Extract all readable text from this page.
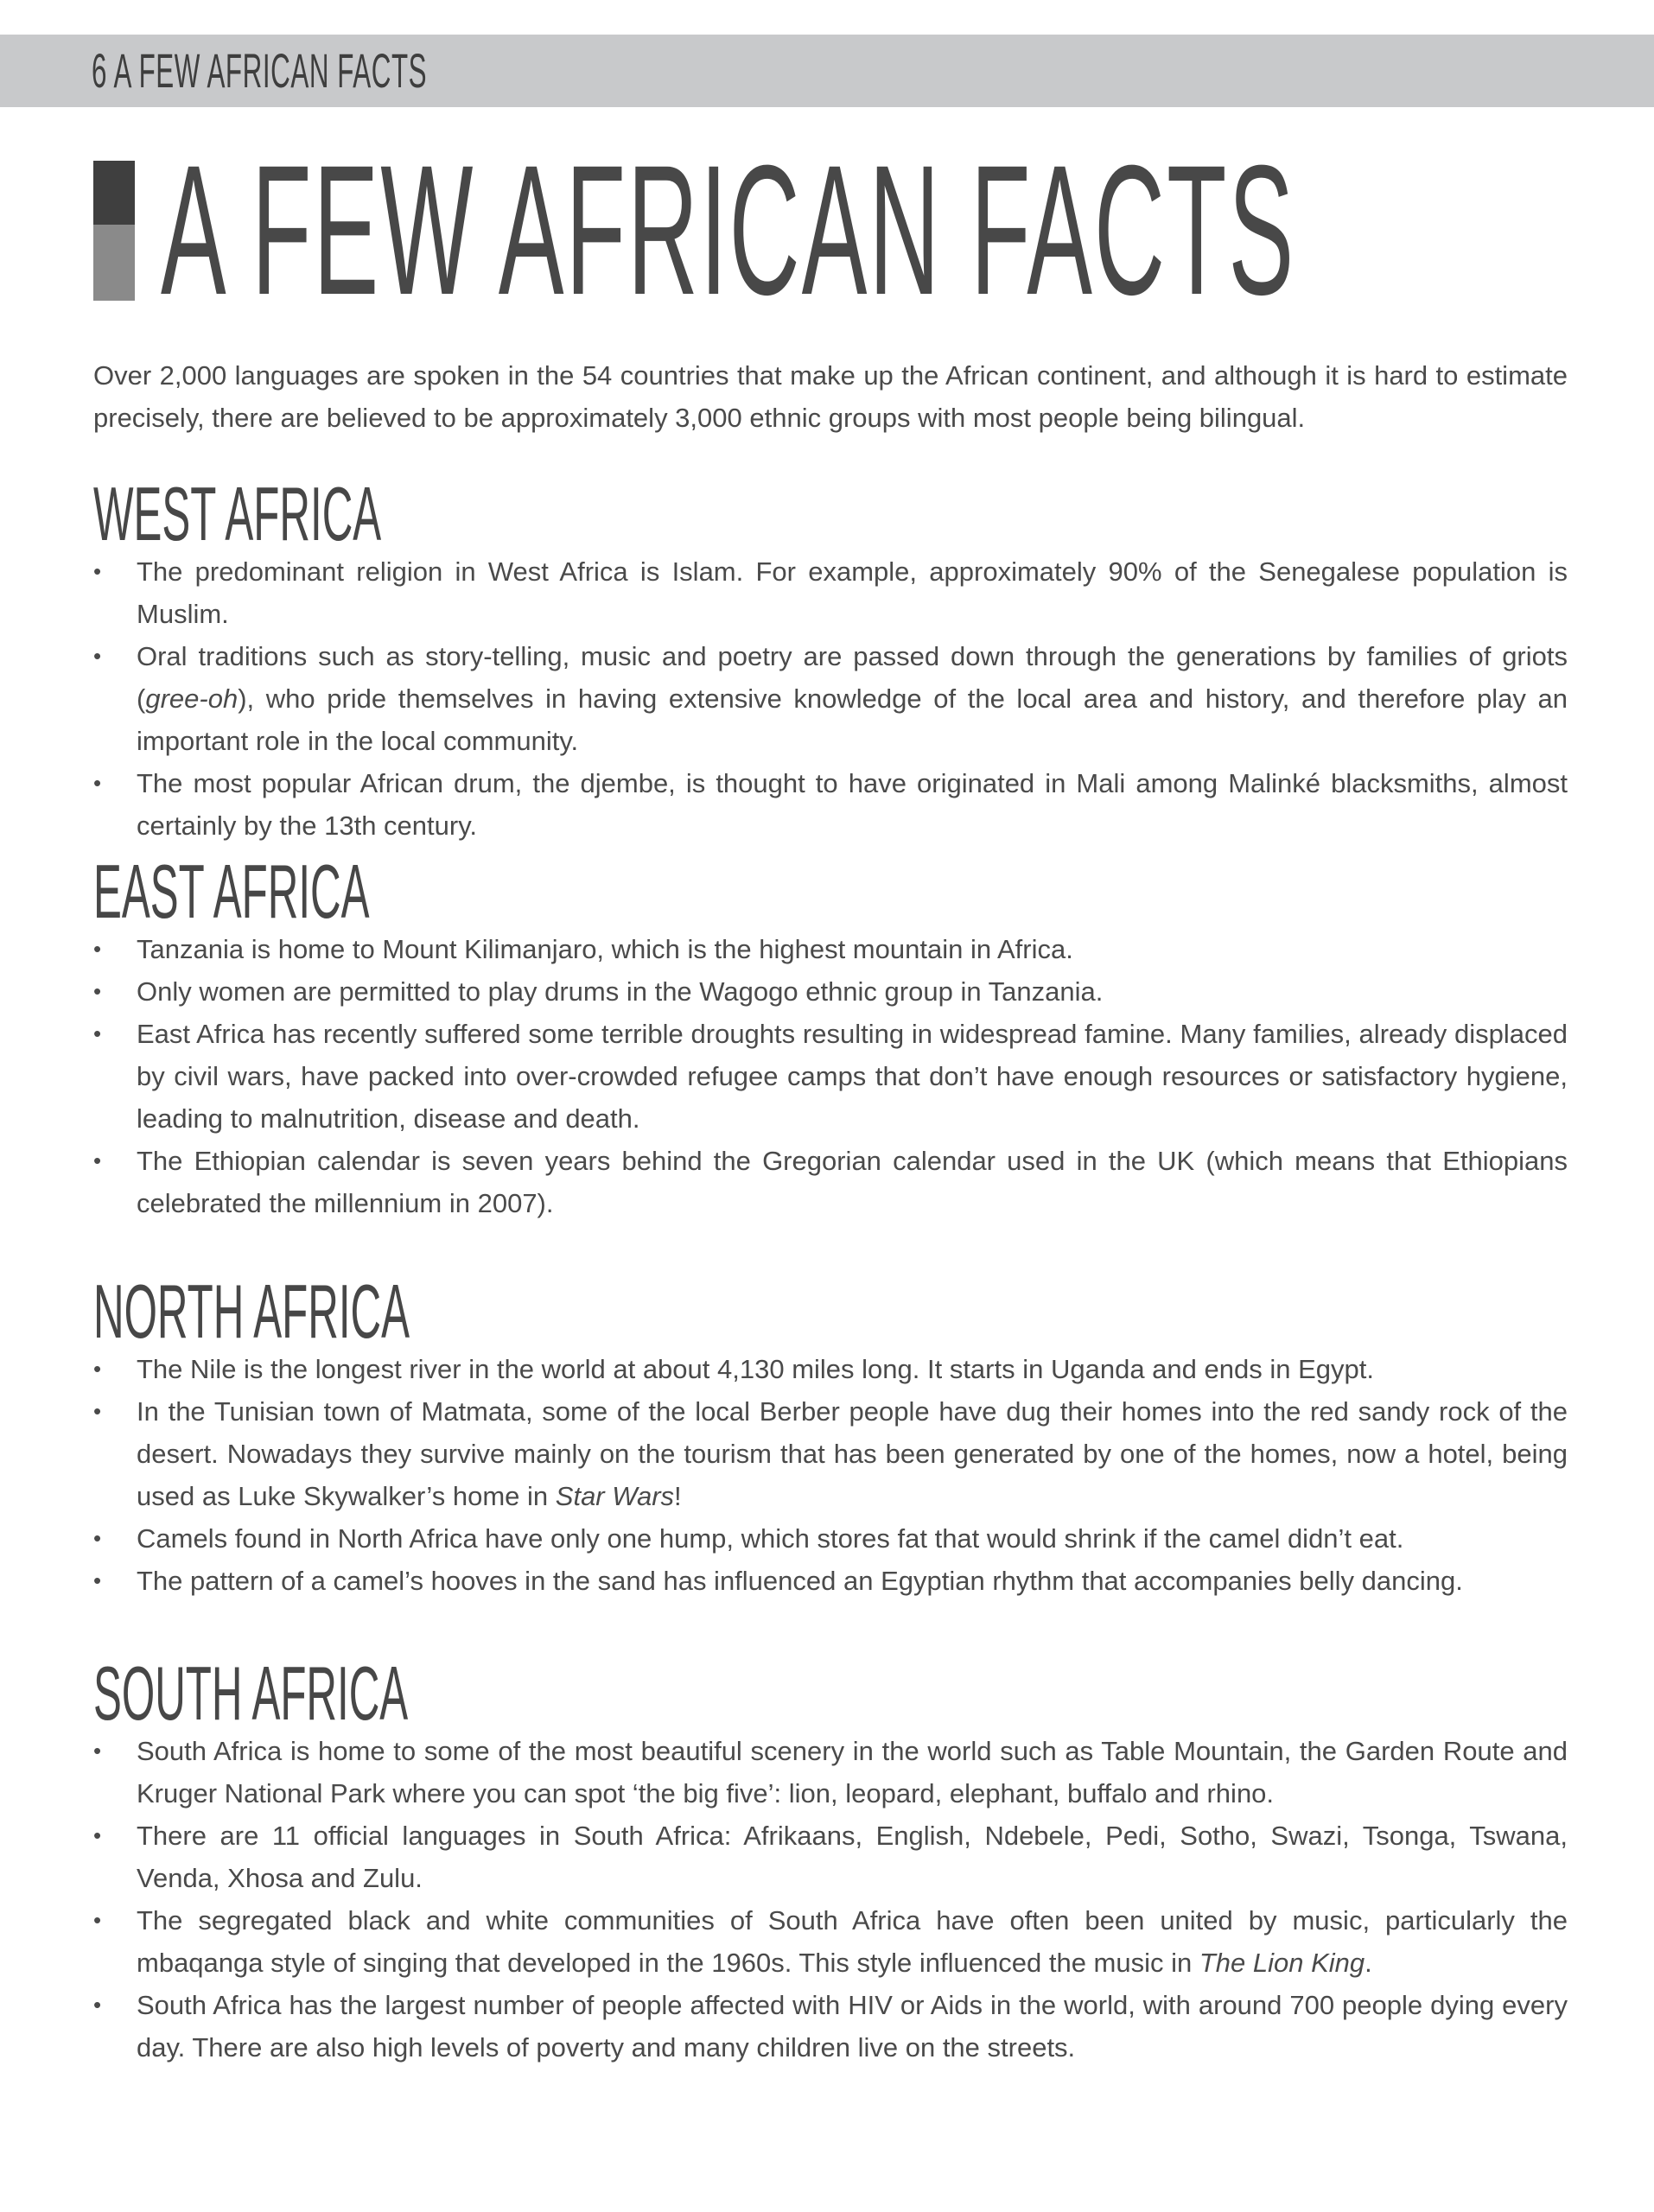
6 A FEW AFRICAN FACTS
A FEW AFRICAN FACTS

Over 2,000 languages are spoken in the 54 countries that make up the African continent, and although it is hard to estimate precisely, there are believed to be approximately 3,000 ethnic groups with most people being bilingual.

WEST AFRICA
• The predominant religion in West Africa is Islam. For example, approximately 90% of the Senegalese population is Muslim.
• Oral traditions such as story-telling, music and poetry are passed down through the generations by families of griots (gree-oh), who pride themselves in having extensive knowledge of the local area and history, and therefore play an important role in the local community.
• The most popular African drum, the djembe, is thought to have originated in Mali among Malinké blacksmiths, almost certainly by the 13th century.
EAST AFRICA
• Tanzania is home to Mount Kilimanjaro, which is the highest mountain in Africa.
• Only women are permitted to play drums in the Wagogo ethnic group in Tanzania.
• East Africa has recently suffered some terrible droughts resulting in widespread famine. Many families, already displaced by civil wars, have packed into over-crowded refugee camps that don’t have enough resources or satisfactory hygiene, leading to malnutrition, disease and death.
• The Ethiopian calendar is seven years behind the Gregorian calendar used in the UK (which means that Ethiopians celebrated the millennium in 2007).
NORTH AFRICA
• The Nile is the longest river in the world at about 4,130 miles long. It starts in Uganda and ends in Egypt.
• In the Tunisian town of Matmata, some of the local Berber people have dug their homes into the red sandy rock of the desert. Nowadays they survive mainly on the tourism that has been generated by one of the homes, now a hotel, being used as Luke Skywalker’s home in Star Wars!
• Camels found in North Africa have only one hump, which stores fat that would shrink if the camel didn’t eat.
• The pattern of a camel’s hooves in the sand has influenced an Egyptian rhythm that accompanies belly dancing.
SOUTH AFRICA
• South Africa is home to some of the most beautiful scenery in the world such as Table Mountain, the Garden Route and Kruger National Park where you can spot ‘the big five’: lion, leopard, elephant, buffalo and rhino.
• There are 11 official languages in South Africa: Afrikaans, English, Ndebele, Pedi, Sotho, Swazi, Tsonga, Tswana, Venda, Xhosa and Zulu.
• The segregated black and white communities of South Africa have often been united by music, particularly the mbaqanga style of singing that developed in the 1960s. This style influenced the music in The Lion King.
• South Africa has the largest number of people affected with HIV or Aids in the world, with around 700 people dying every day. There are also high levels of poverty and many children live on the streets.
